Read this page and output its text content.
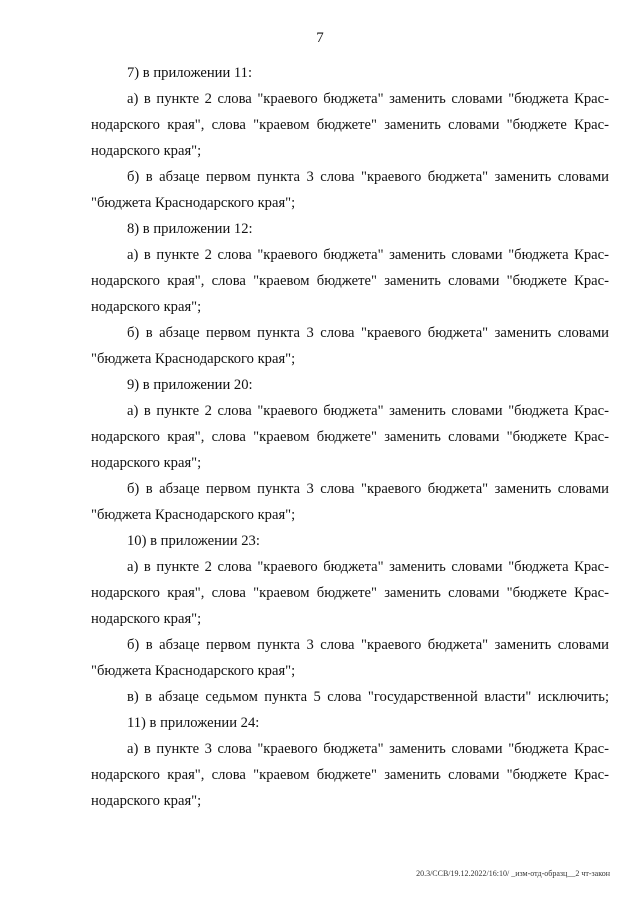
7
7) в приложении 11:
а) в пункте 2 слова "краевого бюджета" заменить словами "бюджета Крас-
нодарского края", слова "краевом бюджете" заменить словами "бюджете Крас-
нодарского края";
б) в абзаце первом пункта 3 слова "краевого бюджета" заменить словами
"бюджета Краснодарского края";
8) в приложении 12:
а) в пункте 2 слова "краевого бюджета" заменить словами "бюджета Крас-
нодарского края", слова "краевом бюджете" заменить словами "бюджете Крас-
нодарского края";
б) в абзаце первом пункта 3 слова "краевого бюджета" заменить словами
"бюджета Краснодарского края";
9) в приложении 20:
а) в пункте 2 слова "краевого бюджета" заменить словами "бюджета Крас-
нодарского края", слова "краевом бюджете" заменить словами "бюджете Крас-
нодарского края";
б) в абзаце первом пункта 3 слова "краевого бюджета" заменить словами
"бюджета Краснодарского края";
10) в приложении 23:
а) в пункте 2 слова "краевого бюджета" заменить словами "бюджета Крас-
нодарского края", слова "краевом бюджете" заменить словами "бюджете Крас-
нодарского края";
б) в абзаце первом пункта 3 слова "краевого бюджета" заменить словами
"бюджета Краснодарского края";
в) в абзаце седьмом пункта 5 слова "государственной власти" исключить;
11) в приложении 24:
а) в пункте 3 слова "краевого бюджета" заменить словами "бюджета Крас-
нодарского края", слова "краевом бюджете" заменить словами "бюджете Крас-
нодарского края";
20.3/ССВ/19.12.2022/16:10/ _изм-отд-образц__2 чт-закон
